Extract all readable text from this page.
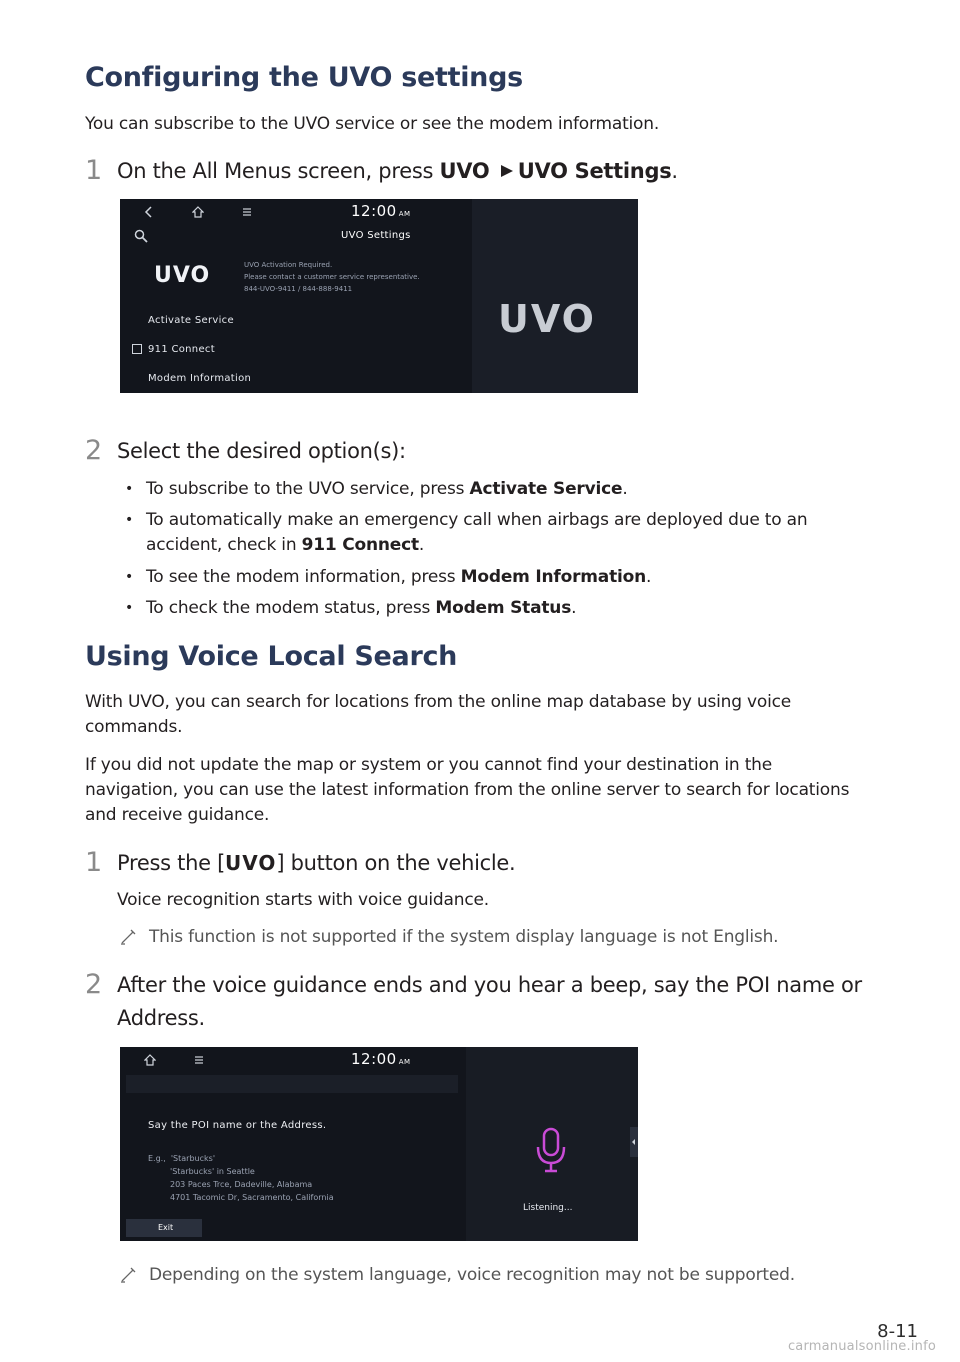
Configuring the UVO settings
You can subscribe to the UVO service or see the modem information.
1 On the All Menus screen, press UVO UVO Settings.
12:00 AM
UVO Settings
UVO	UVO Activation Required.
Please contact a customer service representative.
844-UVO-9411 / 844-888-9411
Activate Service
911 Connect
Modem Information
UVO
2 Select the desired option(s):
• To subscribe to the UVO service, press Activate Service.
• To automatically make an emergency call when airbags are deployed due to an
accident, check in 911 Connect.
• To see the modem information, press Modem Information.
• To check the modem status, press Modem Status.
Using Voice Local Search
With UVO, you can search for locations from the online map database by using voice
commands.
If you did not update the map or system or you cannot find your destination in the
navigation, you can use the latest information from the online server to search for locations
and receive guidance.
1 Press the [UVO] button on the vehicle.
Voice recognition starts with voice guidance.
This function is not supported if the system display language is not English.
2 After the voice guidance ends and you hear a beep, say the POI name or
Address.
12:00 AM
Say the POI name or the Address.
E.g., 'Starbucks'
'Starbucks' in Seattle
203 Paces Trce, Dadeville, Alabama
4701 Tacomic Dr, Sacramento, California
Exit
Listening...
Depending on the system language, voice recognition may not be supported.
8-11
carmanualsonline.info
